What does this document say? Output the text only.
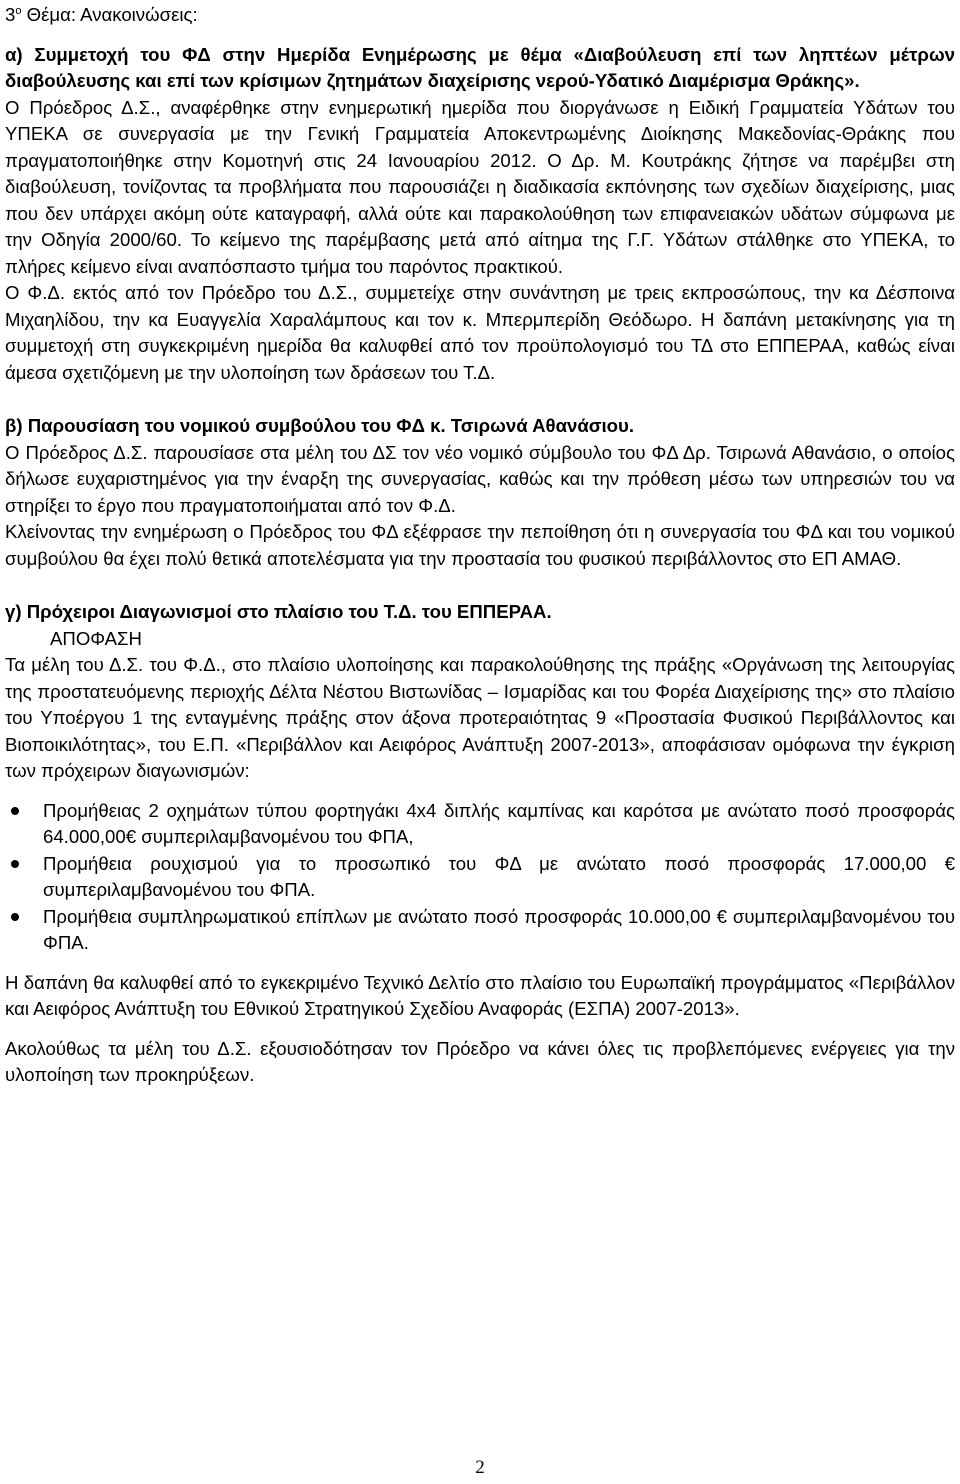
$3^o$ Θέμα: Ανακοινώσεις:

α) Συμμετοχή του ΦΔ στην Ημερίδα Ενημέρωσης με θέμα «Διαβούλευση επί των ληπτέων μέτρων διαβούλευσης και επί των κρίσιμων ζητημάτων διαχείρισης νερού-Υδατικό Διαμέρισμα Θράκης».

Ο Πρόεδρος Δ.Σ., αναφέρθηκε στην ενημερωτική ημερίδα που διοργάνωσε η Ειδική Γραμματεία Υδάτων του ΥΠΕΚΑ σε συνεργασία με την Γενική Γραμματεία Αποκεντρωμένης Διοίκησης Μακεδονίας-Θράκης που πραγματοποιήθηκε στην Κομοτηνή στις 24 Ιανουαρίου 2012. Ο Δρ. Μ. Κουτράκης ζήτησε να παρέμβει στη διαβούλευση, τονίζοντας τα προβλήματα που παρουσιάζει η διαδικασία εκπόνησης των σχεδίων διαχείρισης, μιας που δεν υπάρχει ακόμη ούτε καταγραφή, αλλά ούτε και παρακολούθηση των επιφανειακών υδάτων σύμφωνα με την Οδηγία 2000/60. Το κείμενο της παρέμβασης μετά από αίτημα της Γ.Γ. Υδάτων στάλθηκε στο ΥΠΕΚΑ, το πλήρες κείμενο είναι αναπόσπαστο τμήμα του παρόντος πρακτικού.

Ο Φ.Δ. εκτός από τον Πρόεδρο του Δ.Σ., συμμετείχε στην συνάντηση με τρεις εκπροσώπους, την κα Δέσποινα Μιχαηλίδου, την κα Ευαγγελία Χαραλάμπους και τον κ. Μπερμπερίδη Θεόδωρο. Η δαπάνη μετακίνησης για τη συμμετοχή στη συγκεκριμένη ημερίδα θα καλυφθεί από τον προϋπολογισμό του ΤΔ στο ΕΠΠΕΡΑΑ, καθώς είναι άμεσα σχετιζόμενη με την υλοποίηση των δράσεων του Τ.Δ.

β) Παρουσίαση του νομικού συμβούλου του ΦΔ κ. Τσιρωνά Αθανάσιου.

Ο Πρόεδρος Δ.Σ. παρουσίασε στα μέλη του ΔΣ τον νέο νομικό σύμβουλο του ΦΔ Δρ. Τσιρωνά Αθανάσιο, ο οποίος δήλωσε ευχαριστημένος για την έναρξη της συνεργασίας, καθώς και την πρόθεση μέσω των υπηρεσιών του να στηρίξει το έργο που πραγματοποιήμαται από τον Φ.Δ.

Κλείνοντας την ενημέρωση ο Πρόεδρος του ΦΔ εξέφρασε την πεποίθηση ότι η συνεργασία του ΦΔ και του νομικού συμβούλου θα έχει πολύ θετικά αποτελέσματα για την προστασία του φυσικού περιβάλλοντος στο ΕΠ ΑΜΑΘ.

γ) Πρόχειροι Διαγωνισμοί στο πλαίσιο του Τ.Δ. του ΕΠΠΕΡΑΑ.

ΑΠΟΦΑΣΗ

Τα μέλη του Δ.Σ. του Φ.Δ., στο πλαίσιο υλοποίησης και παρακολούθησης της πράξης «Οργάνωση της λειτουργίας της προστατευόμενης περιοχής Δέλτα Νέστου Βιστωνίδας – Ισμαρίδας και του Φορέα Διαχείρισης της» στο πλαίσιο του Υποέργου 1 της ενταγμένης πράξης στον άξονα προτεραιότητας 9 «Προστασία Φυσικού Περιβάλλοντος και Βιοποικιλότητας», του Ε.Π. «Περιβάλλον και Αειφόρος Ανάπτυξη 2007-2013», αποφάσισαν ομόφωνα την έγκριση των πρόχειρων διαγωνισμών:

Προμήθειας 2 οχημάτων τύπου φορτηγάκι 4x4 διπλής καμπίνας και καρότσα με ανώτατο ποσό προσφοράς 64.000,00€ συμπεριλαμβανομένου του ΦΠΑ,
Προμήθεια ρουχισμού για το προσωπικό του ΦΔ με ανώτατο ποσό προσφοράς 17.000,00 € συμπεριλαμβανομένου του ΦΠΑ.
Προμήθεια συμπληρωματικού επίπλων με ανώτατο ποσό προσφοράς 10.000,00 € συμπεριλαμβανομένου του ΦΠΑ.

Η δαπάνη θα καλυφθεί από το εγκεκριμένο Τεχνικό Δελτίο στο πλαίσιο του Ευρωπαϊκή προγράμματος «Περιβάλλον και Αειφόρος Ανάπτυξη του Εθνικού Στρατηγικού Σχεδίου Αναφοράς (ΕΣΠΑ) 2007-2013».

Ακολούθως τα μέλη του Δ.Σ. εξουσιοδότησαν τον Πρόεδρο να κάνει όλες τις προβλεπόμενες ενέργειες για την υλοποίηση των προκηρύξεων.

2
